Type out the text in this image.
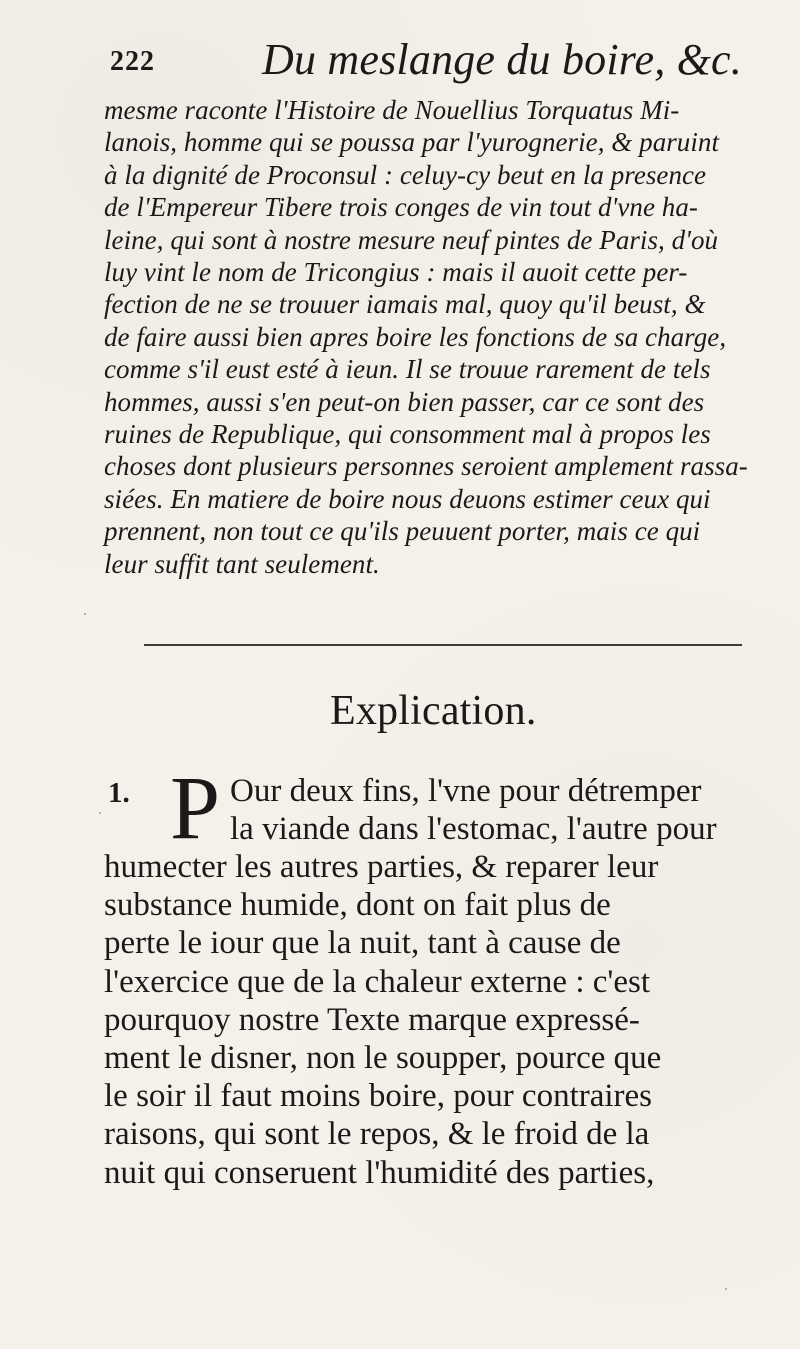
222 Du meslange du boire, &c.
mesme raconte l'Histoire de Nouellius Torquatus Mi-
lanois, homme qui se poussa par l'yurognerie, & paruint
à la dignité de Proconsul : celuy-cy beut en la presence
de l'Empereur Tibere trois conges de vin tout d'vne ha-
leine, qui sont à nostre mesure neuf pintes de Paris, d'où
luy vint le nom de Tricongius : mais il auoit cette per-
fection de ne se trouuer iamais mal, quoy qu'il beust, &
de faire aussi bien apres boire les fonctions de sa charge,
comme s'il eust esté à ieun. Il se trouue rarement de tels
hommes, aussi s'en peut-on bien passer, car ce sont des
ruines de Republique, qui consomment mal à propos les
choses dont plusieurs personnes seroient amplement rassa-
siées. En matiere de boire nous deuons estimer ceux qui
prennent, non tout ce qu'ils peuuent porter, mais ce qui
leur suffit tant seulement.
Explication.
1. P Our deux fins, l'vne pour détremper
la viande dans l'estomac, l'autre pour
humecter les autres parties, & reparer leur
substance humide, dont on fait plus de
perte le iour que la nuit, tant à cause de
l'exercice que de la chaleur externe : c'est
pourquoy nostre Texte marque expressé-
ment le disner, non le soupper, pource que
le soir il faut moins boire, pour contraires
raisons, qui sont le repos, & le froid de la
nuit qui conseruent l'humidité des parties,
